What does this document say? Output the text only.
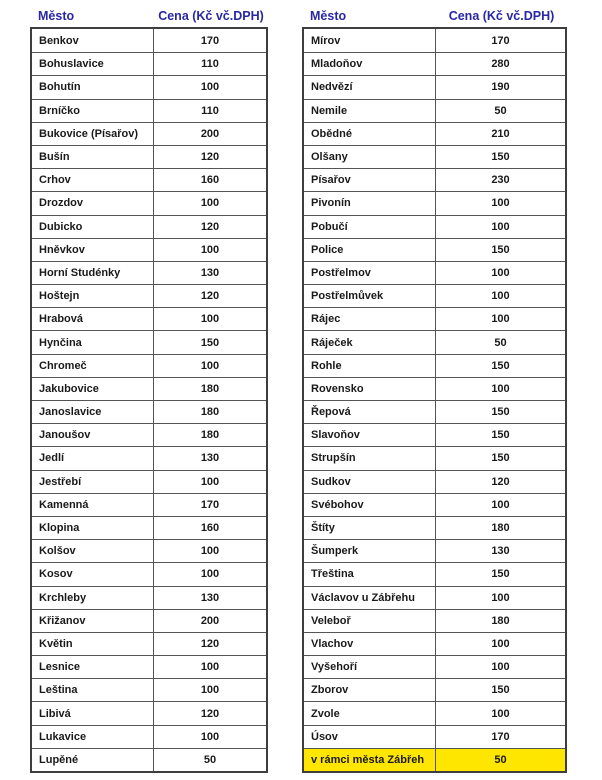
Město	Cena (Kč vč.DPH)
Benkov	170
Bohuslavice	110
Bohutín	100
Brníčko	110
Bukovice (Písařov)	200
Bušín	120
Crhov	160
Drozdov	100
Dubicko	120
Hněvkov	100
Horní Studénky	130
Hoštejn	120
Hrabová	100
Hynčina	150
Chromeč	100
Jakubovice	180
Janoslavice	180
Janoušov	180
Jedlí	130
Jestřebí	100
Kamenná	170
Klopina	160
Kolšov	100
Kosov	100
Krchleby	130
Křižanov	200
Květin	120
Lesnice	100
Leština	100
Libivá	120
Lukavice	100
Lupěné	50
Město	Cena (Kč vč.DPH)
Mírov	170
Mladoňov	280
Nedvězí	190
Nemile	50
Obědné	210
Olšany	150
Písařov	230
Pivonín	100
Pobučí	100
Police	150
Postřelmov	100
Postřelmůvek	100
Rájec	100
Ráječek	50
Rohle	150
Rovensko	100
Řepová	150
Slavoňov	150
Strupšín	150
Sudkov	120
Svébohov	100
Štíty	180
Šumperk	130
Třeština	150
Václavov u Zábřehu	100
Veleboř	180
Vlachov	100
Vyšehoří	100
Zborov	150
Zvole	100
Úsov	170
v rámci města Zábřeh	50
